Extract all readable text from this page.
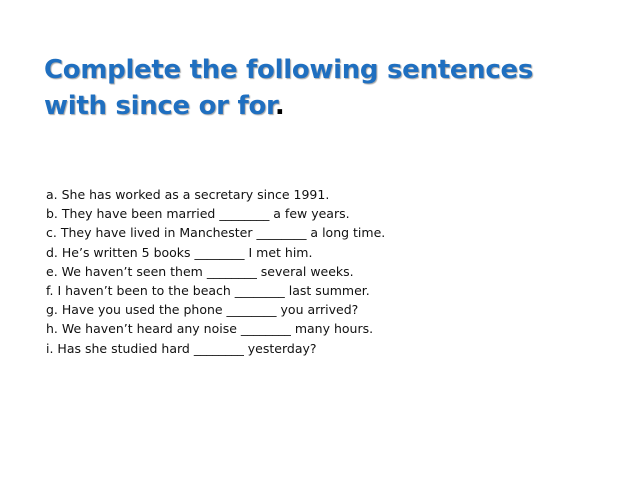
Complete the following sentences with since or for.
a. She has worked as a secretary since 1991.
b. They have been married ________ a few years.
c. They have lived in Manchester ________ a long time.
d. He’s written 5 books ________ I met him.
e. We haven’t seen them ________ several weeks.
f. I haven’t been to the beach ________ last summer.
g. Have you used the phone ________ you arrived?
h. We haven’t heard any noise ________ many hours.
i. Has she studied hard ________ yesterday?
